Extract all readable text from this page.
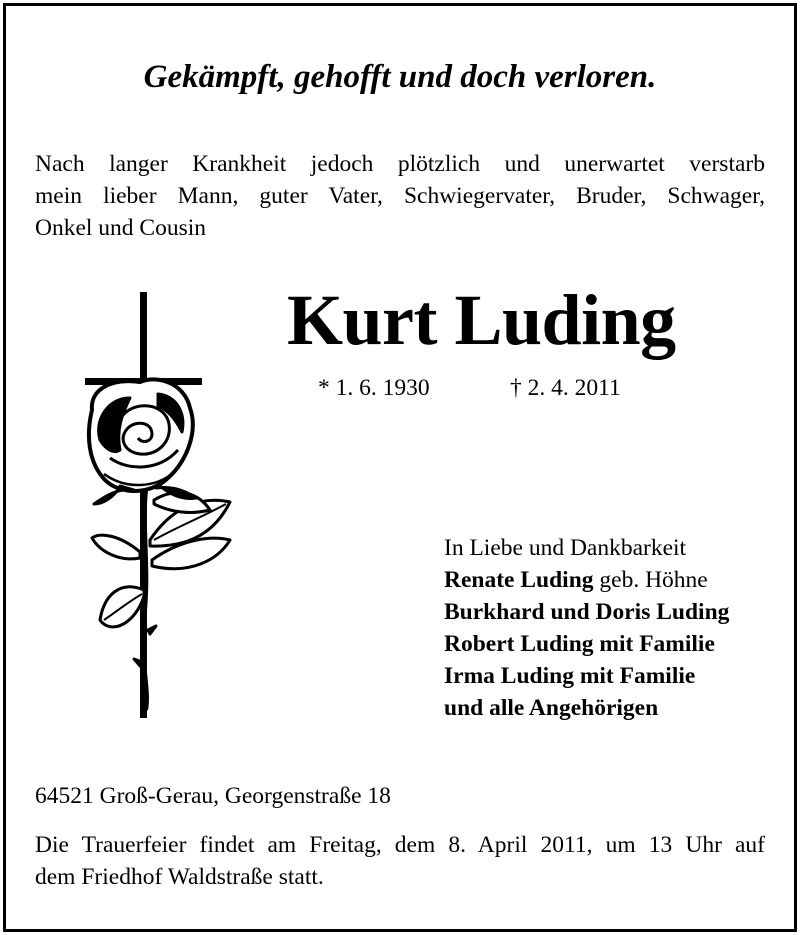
Gekämpft, gehofft und doch verloren.
Nach langer Krankheit jedoch plötzlich und unerwartet verstarb
mein lieber Mann, guter Vater, Schwiegervater, Bruder, Schwager,
Onkel und Cousin
Kurt Luding
* 1. 6. 1930	† 2. 4. 2011
In Liebe und Dankbarkeit
Renate Luding geb. Höhne
Burkhard und Doris Luding
Robert Luding mit Familie
Irma Luding mit Familie
und alle Angehörigen
64521 Groß-Gerau, Georgenstraße 18
Die Trauerfeier findet am Freitag, dem 8. April 2011, um 13 Uhr auf
dem Friedhof Waldstraße statt.
